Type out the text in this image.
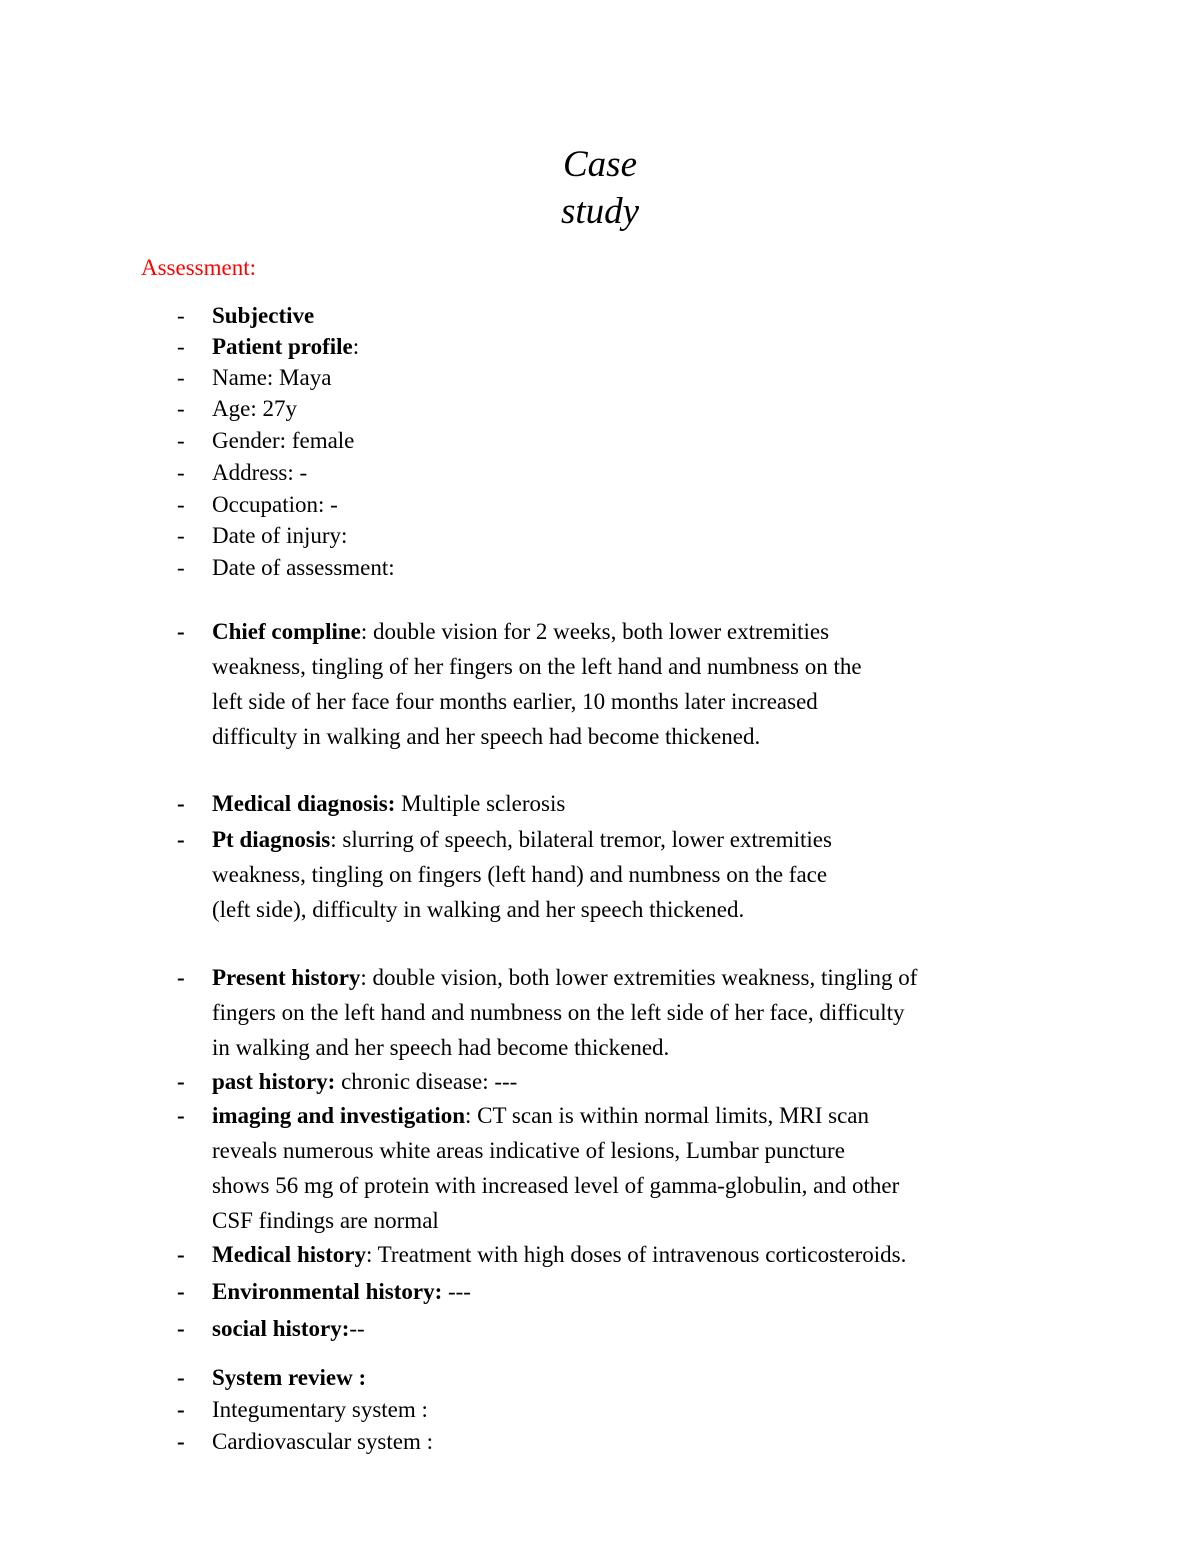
Case
study

Assessment:

- Subjective
- Patient profile:
- Name: Maya
- Age: 27y
- Gender: female
- Address: -
- Occupation: -
- Date of injury:
- Date of assessment:
- Chief compline: double vision for 2 weeks, both lower extremities
weakness, tingling of her fingers on the left hand and numbness on the
left side of her face four months earlier, 10 months later increased
difficulty in walking and her speech had become thickened.
- Medical diagnosis: Multiple sclerosis
- Pt diagnosis: slurring of speech, bilateral tremor, lower extremities
weakness, tingling on fingers (left hand) and numbness on the face
(left side), difficulty in walking and her speech thickened.
- Present history: double vision, both lower extremities weakness, tingling of
fingers on the left hand and numbness on the left side of her face, difficulty
in walking and her speech had become thickened.
- past history: chronic disease: ---
- imaging and investigation: CT scan is within normal limits, MRI scan
reveals numerous white areas indicative of lesions, Lumbar puncture
shows 56 mg of protein with increased level of gamma-globulin, and other
CSF findings are normal
- Medical history: Treatment with high doses of intravenous corticosteroids.
- Environmental history: ---
- social history:--
- System review :
- Integumentary system :
- Cardiovascular system :
